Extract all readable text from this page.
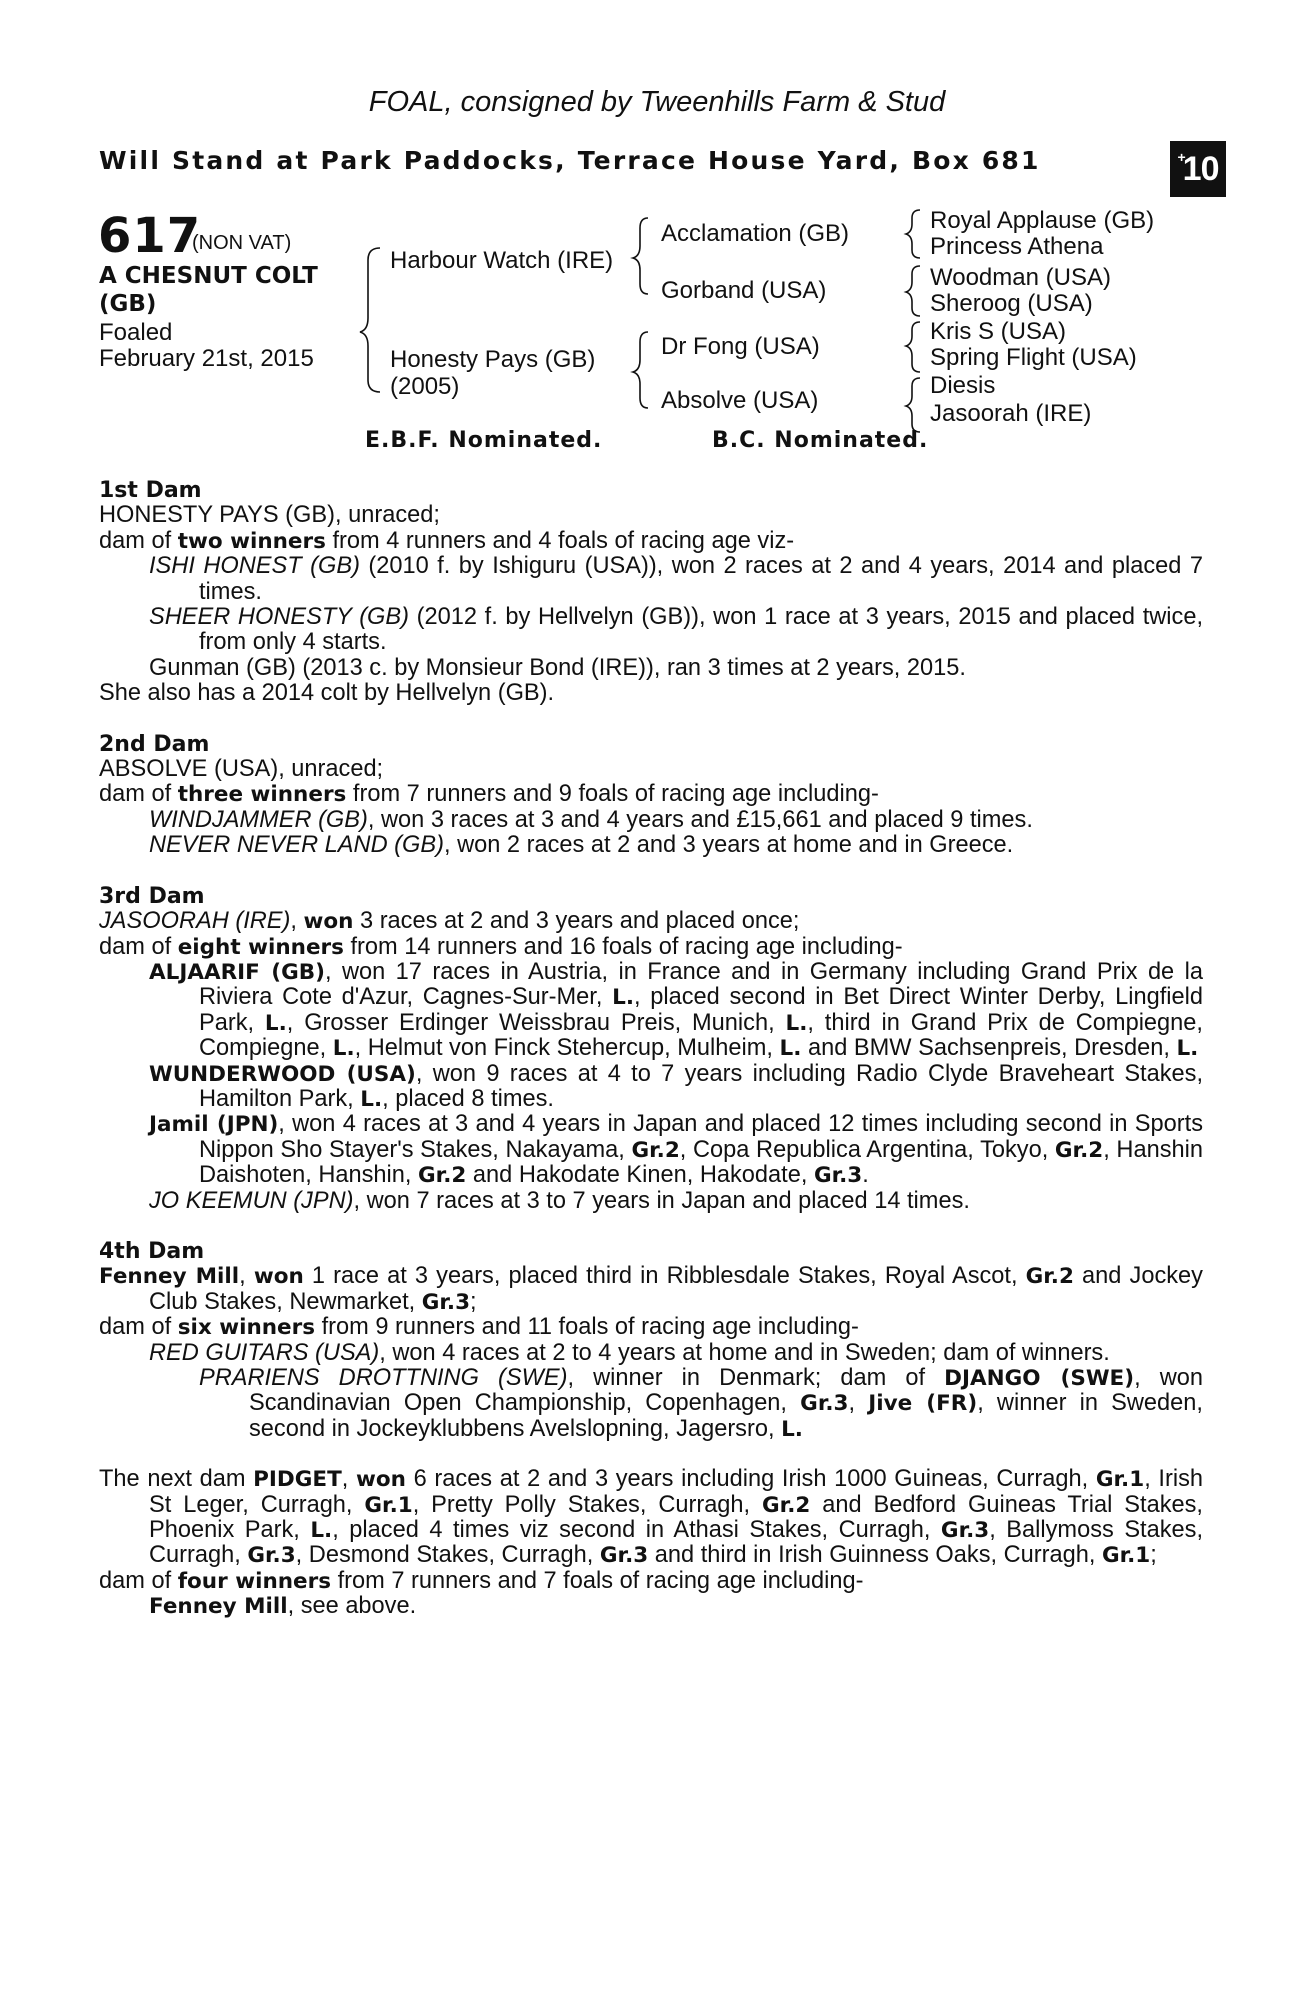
FOAL, consigned by Tweenhills Farm & Stud
Will Stand at Park Paddocks, Terrace House Yard, Box 681	+
10
617
(NON VAT)
A CHESNUT COLT
(GB)
Foaled
February 21st, 2015
Harbour Watch (IRE)
Honesty Pays (GB)
(2005)
Acclamation (GB)
Gorband (USA)
Dr Fong (USA)
Absolve (USA)
Royal Applause (GB)
Princess Athena
Woodman (USA)
Sheroog (USA)
Kris S (USA)
Spring Flight (USA)
Diesis
Jasoorah (IRE)
E.B.F. Nominated.	B.C. Nominated.
1st Dam

HONESTY PAYS (GB), unraced;

dam of two winners from 4 runners and 4 foals of racing age viz-

ISHI HONEST (GB) (2010 f. by Ishiguru (USA)), won 2 races at 2 and 4 years, 2014 and placed 7 times.

SHEER HONESTY (GB) (2012 f. by Hellvelyn (GB)), won 1 race at 3 years, 2015 and placed twice, from only 4 starts.

Gunman (GB) (2013 c. by Monsieur Bond (IRE)), ran 3 times at 2 years, 2015.

She also has a 2014 colt by Hellvelyn (GB).

2nd Dam

ABSOLVE (USA), unraced;

dam of three winners from 7 runners and 9 foals of racing age including-

WINDJAMMER (GB), won 3 races at 3 and 4 years and £15,661 and placed 9 times.

NEVER NEVER LAND (GB), won 2 races at 2 and 3 years at home and in Greece.

3rd Dam

JASOORAH (IRE), won 3 races at 2 and 3 years and placed once;

dam of eight winners from 14 runners and 16 foals of racing age including-

ALJAARIF (GB), won 17 races in Austria, in France and in Germany including Grand Prix de la Riviera Cote d'Azur, Cagnes-Sur-Mer, L., placed second in Bet Direct Winter Derby, Lingfield Park, L., Grosser Erdinger Weissbrau Preis, Munich, L., third in Grand Prix de Compiegne, Compiegne, L., Helmut von Finck Stehercup, Mulheim, L. and BMW Sachsenpreis, Dresden, L.

WUNDERWOOD (USA), won 9 races at 4 to 7 years including Radio Clyde Braveheart Stakes, Hamilton Park, L., placed 8 times.

Jamil (JPN), won 4 races at 3 and 4 years in Japan and placed 12 times including second in Sports Nippon Sho Stayer's Stakes, Nakayama, Gr.2, Copa Republica Argentina, Tokyo, Gr.2, Hanshin Daishoten, Hanshin, Gr.2 and Hakodate Kinen, Hakodate, Gr.3.

JO KEEMUN (JPN), won 7 races at 3 to 7 years in Japan and placed 14 times.

4th Dam

Fenney Mill, won 1 race at 3 years, placed third in Ribblesdale Stakes, Royal Ascot, Gr.2 and Jockey Club Stakes, Newmarket, Gr.3;

dam of six winners from 9 runners and 11 foals of racing age including-

RED GUITARS (USA), won 4 races at 2 to 4 years at home and in Sweden; dam of winners.

PRARIENS DROTTNING (SWE), winner in Denmark; dam of DJANGO (SWE), won Scandinavian Open Championship, Copenhagen, Gr.3, Jive (FR), winner in Sweden, second in Jockeyklubbens Avelslopning, Jagersro, L.

The next dam PIDGET, won 6 races at 2 and 3 years including Irish 1000 Guineas, Curragh, Gr.1, Irish St Leger, Curragh, Gr.1, Pretty Polly Stakes, Curragh, Gr.2 and Bedford Guineas Trial Stakes, Phoenix Park, L., placed 4 times viz second in Athasi Stakes, Curragh, Gr.3, Ballymoss Stakes, Curragh, Gr.3, Desmond Stakes, Curragh, Gr.3 and third in Irish Guinness Oaks, Curragh, Gr.1;

dam of four winners from 7 runners and 7 foals of racing age including-

Fenney Mill, see above.
